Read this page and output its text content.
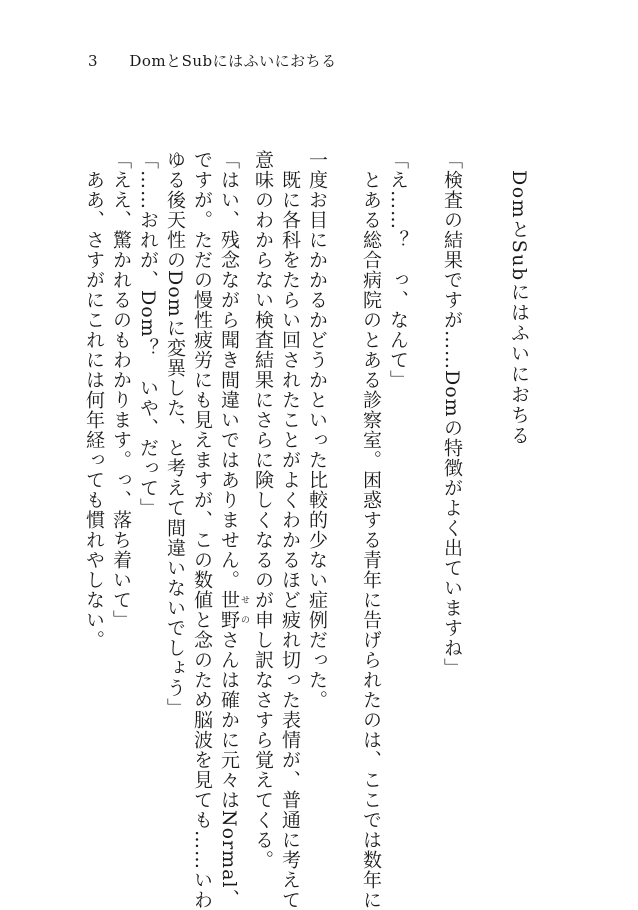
3 DomとSubにはふいにおちる
DomとSubにはふいにおちる
「検査の結果ですが……Domの特徴がよく出ていますね」
「え……？　っ、なんて」
　とある総合病院のとある診察室。困惑する青年に告げられたのは、ここでは数年に
一度お目にかかるかどうかといった比較的少ない症例だった。
　既に各科をたらい回されたことがよくわかるほど疲れ切った表情が、普通に考えて
意味のわからない検査結果にさらに険しくなるのが申し訳なさすら覚えてくる。
「はい、残念ながら聞き間違いではありません。世野 せのさんは確かに元々はNormal、
ですが。ただの慢性疲労にも見えますが、この数値と念のため脳波を見ても……いわ
ゆる後天性のDomに変異した、と考えて間違いないでしょう」
「……おれが、Dom？　いや、だって」
「ええ、驚かれるのもわかります。っ、落ち着いて」
　ああ、さすがにこれには何年経っても慣れやしない。
